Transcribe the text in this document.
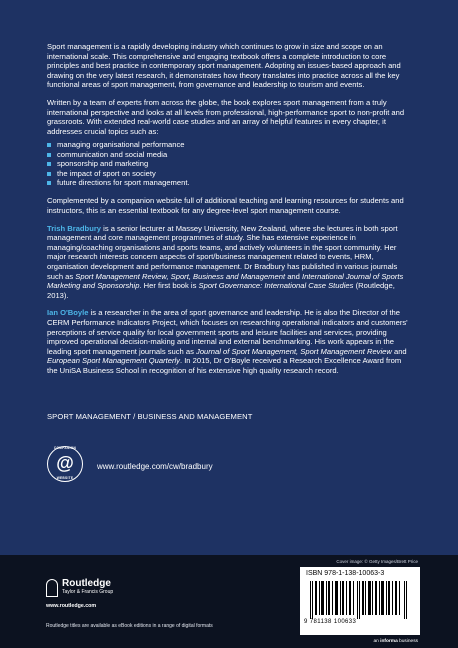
Sport management is a rapidly developing industry which continues to grow in size and scope on an international scale. This comprehensive and engaging textbook offers a complete introduction to core principles and best practice in contemporary sport management. Adopting an issues-based approach and drawing on the very latest research, it demonstrates how theory translates into practice across all the key functional areas of sport management, from governance and leadership to tourism and events.

Written by a team of experts from across the globe, the book explores sport management from a truly international perspective and looks at all levels from professional, high-performance sport to non-profit and grassroots. With extended real-world case studies and an array of helpful features in every chapter, it addresses crucial topics such as:

managing organisational performance
communication and social media
sponsorship and marketing
the impact of sport on society
future directions for sport management.

Complemented by a companion website full of additional teaching and learning resources for students and instructors, this is an essential textbook for any degree-level sport management course.

Trish Bradbury is a senior lecturer at Massey University, New Zealand, where she lectures in both sport management and core management programmes of study. She has extensive experience in managing/coaching organisations and sports teams, and actively volunteers in the sport community. Her major research interests concern aspects of sport/business management related to events, HRM, organisation development and performance management. Dr Bradbury has published in various journals such as Sport Management Review, Sport, Business and Management and International Journal of Sports Marketing and Sponsorship. Her first book is Sport Governance: International Case Studies (Routledge, 2013).

Ian O'Boyle is a researcher in the area of sport governance and leadership. He is also the Director of the CERM Performance Indicators Project, which focuses on researching operational indicators and customers' perceptions of service quality for local government sports and leisure facilities and services, providing improved operational decision-making and internal and external benchmarking. His work appears in the leading sport management journals such as Journal of Sport Management, Sport Management Review and European Sport Management Quarterly. In 2015, Dr O'Boyle received a Research Excellence Award from the UniSA Business School in recognition of his extensive high quality research record.

SPORT MANAGEMENT / BUSINESS AND MANAGEMENT
COMPANION
@
WEBSITE
www.routledge.com/cw/bradbury
Cover image: © Getty Images/Brett Price
Routledge
Taylor & Francis Group
www.routledge.com
Routledge titles are available as eBook editions in a range of digital formats
ISBN 978-1-138-10063-3
9 781138 100633
an informa business
